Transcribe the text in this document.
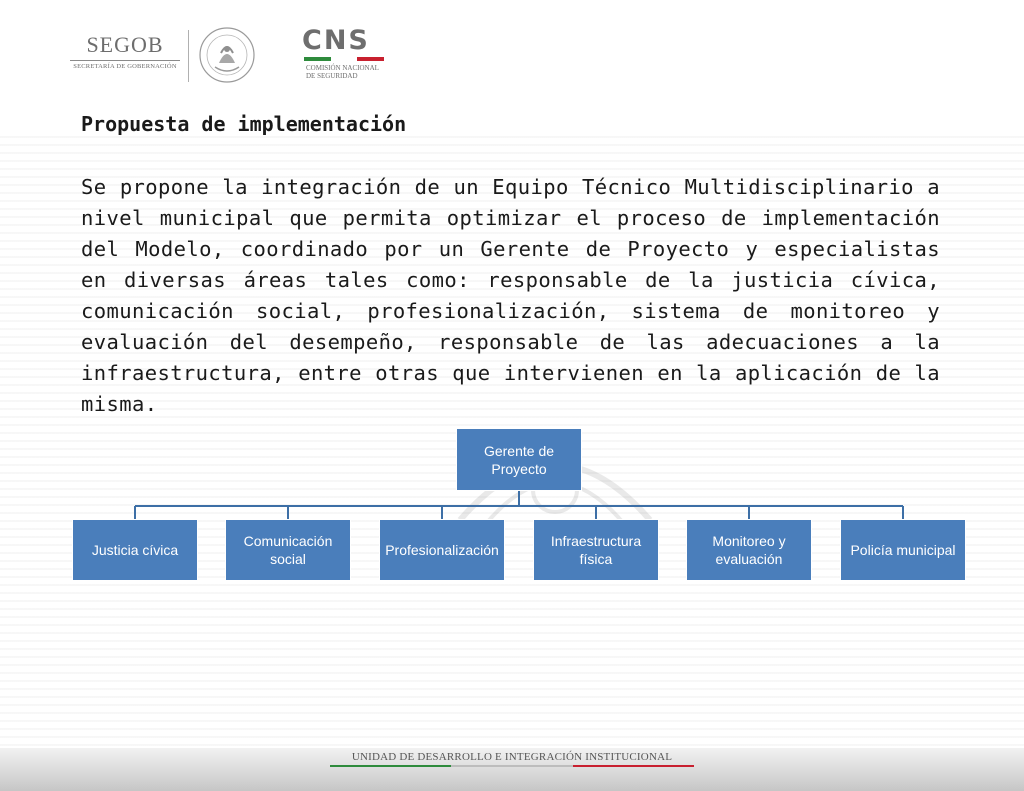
SEGOB
SECRETARÍA DE GOBERNACIÓN
CNS
COMISIÓN NACIONAL
DE SEGURIDAD
Propuesta de implementación

Se propone la integración de un Equipo Técnico Multidisciplinario a nivel municipal que permita optimizar el proceso de implementación del Modelo, coordinado por un Gerente de Proyecto y especialistas en diversas áreas tales como: responsable de la justicia cívica, comunicación social, profesionalización, sistema de monitoreo y evaluación del desempeño, responsable de las adecuaciones a la infraestructura, entre otras que intervienen en la aplicación de la misma.

Gerente de Proyecto
Justicia cívica
Comunicación social
Profesionalización
Infraestructura física
Monitoreo y evaluación
Policía municipal
UNIDAD DE DESARROLLO E INTEGRACIÓN INSTITUCIONAL
